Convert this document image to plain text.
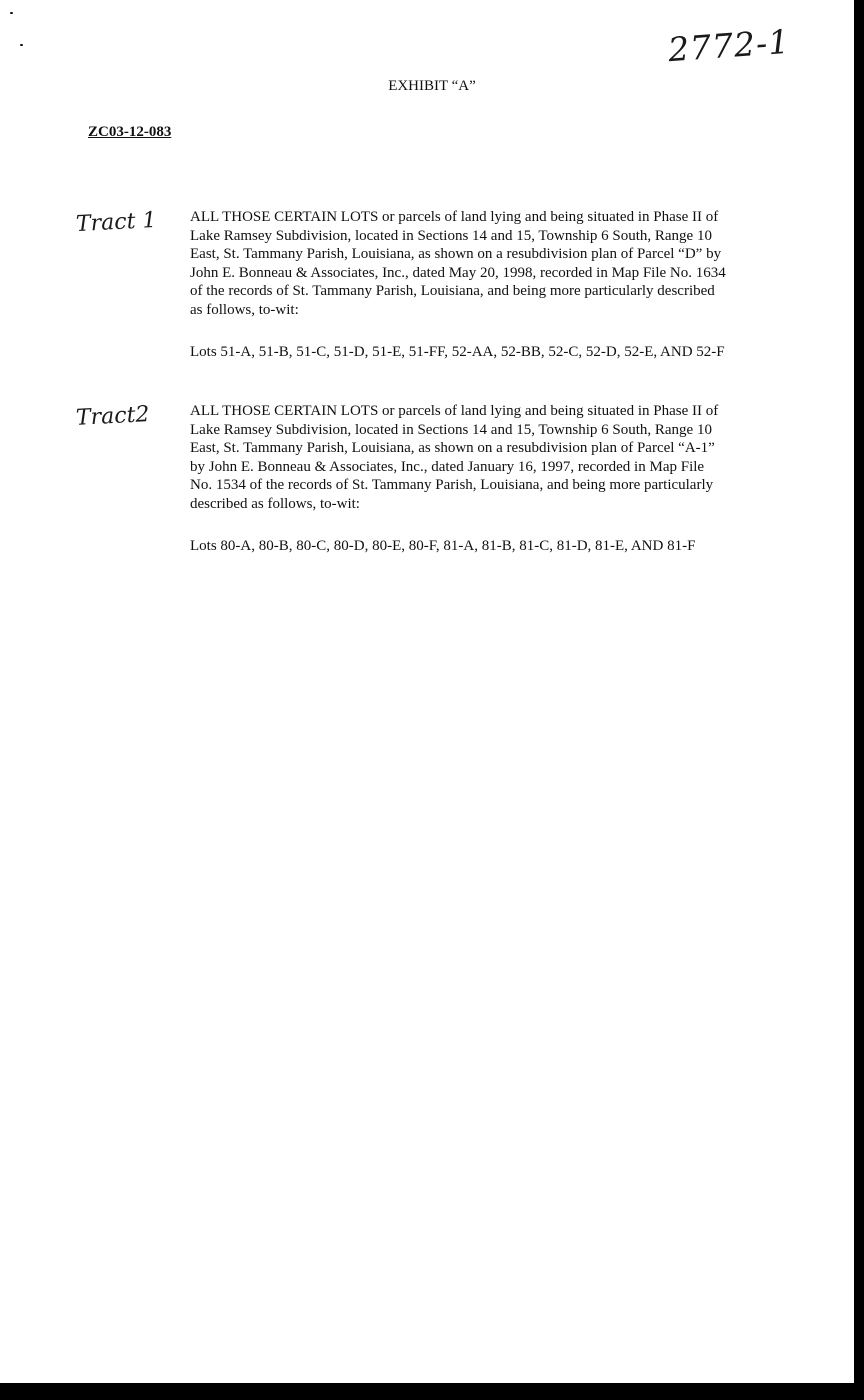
2772-1
EXHIBIT “A”
ZC03-12-083
Tract 1 ALL THOSE CERTAIN LOTS or parcels of land lying and being situated in Phase II of
Lake Ramsey Subdivision, located in Sections 14 and 15, Township 6 South, Range 10
East, St. Tammany Parish, Louisiana, as shown on a resubdivision plan of Parcel “D” by
John E. Bonneau & Associates, Inc., dated May 20, 1998, recorded in Map File No. 1634
of the records of St. Tammany Parish, Louisiana, and being more particularly described
as follows, to-wit:
Lots 51-A, 51-B, 51-C, 51-D, 51-E, 51-FF, 52-AA, 52-BB, 52-C, 52-D, 52-E, AND 52-F
Tract2	ALL THOSE CERTAIN LOTS or parcels of land lying and being situated in Phase II of
Lake Ramsey Subdivision, located in Sections 14 and 15, Township 6 South, Range 10
East, St. Tammany Parish, Louisiana, as shown on a resubdivision plan of Parcel “A-1”
by John E. Bonneau & Associates, Inc., dated January 16, 1997, recorded in Map File
No. 1534 of the records of St. Tammany Parish, Louisiana, and being more particularly
described as follows, to-wit:
Lots 80-A, 80-B, 80-C, 80-D, 80-E, 80-F, 81-A, 81-B, 81-C, 81-D, 81-E, AND 81-F
